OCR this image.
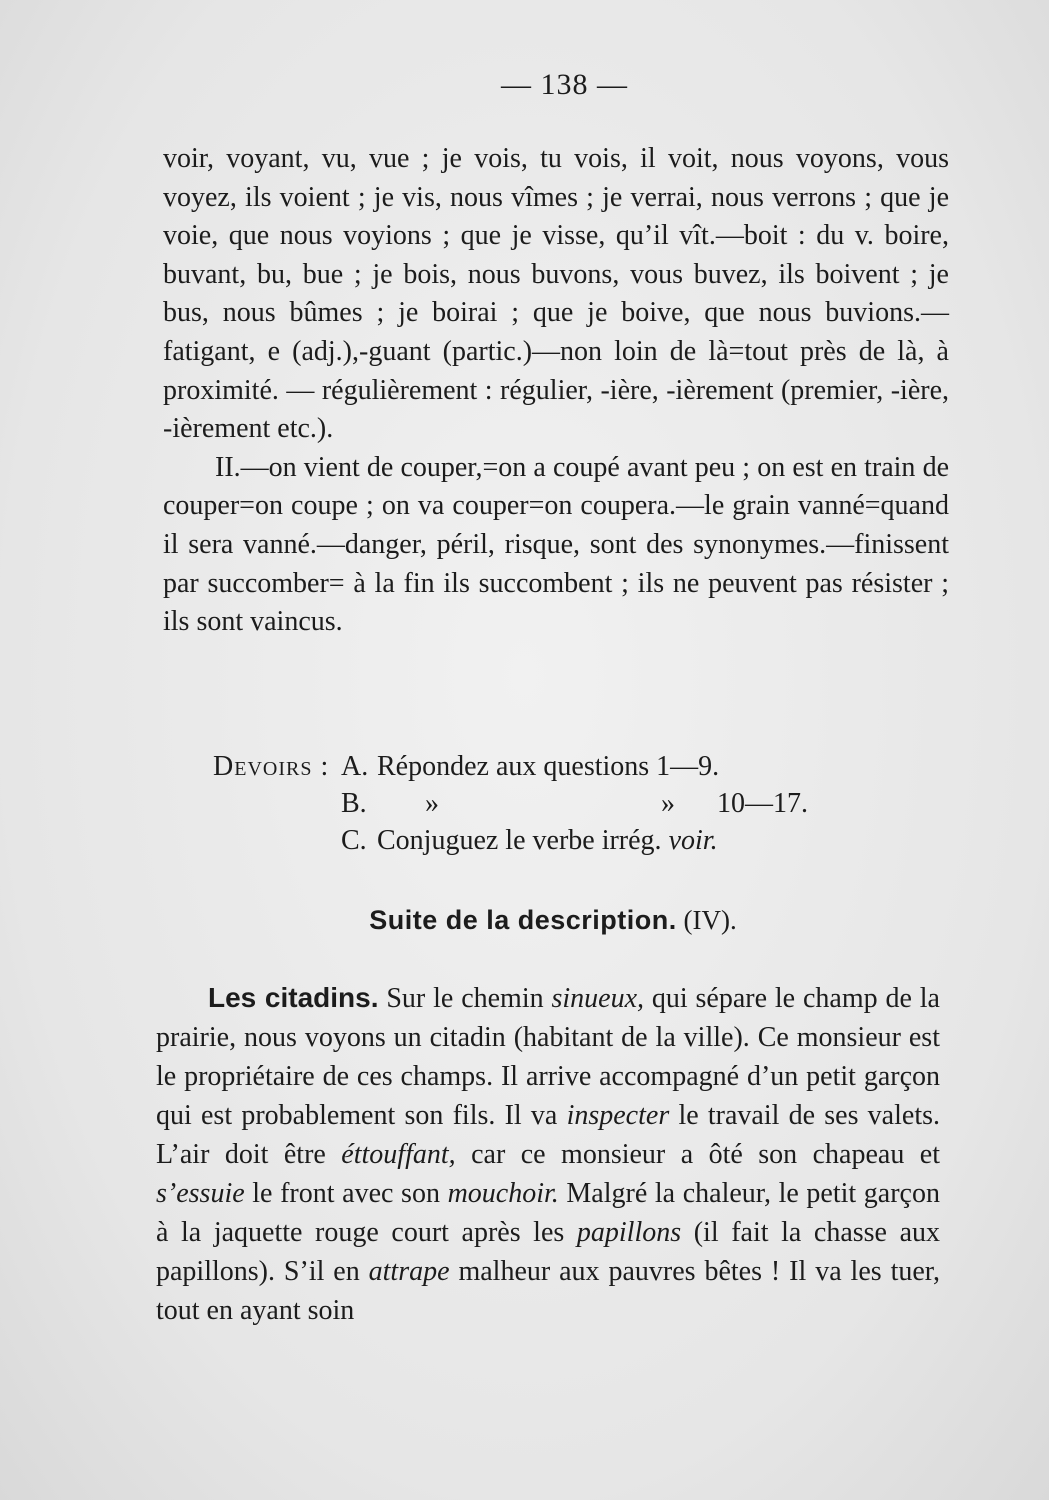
— 138 —

voir, voyant, vu, vue ; je vois, tu vois, il voit, nous voyons, vous voyez, ils voient ; je vis, nous vîmes ; je verrai, nous verrons ; que je voie, que nous voyions ; que je visse, qu’il vît.—boit : du v. boire, buvant, bu, bue ; je bois, nous buvons, vous buvez, ils boivent ; je bus, nous bûmes ; je boirai ; que je boive, que nous buvions.— fatigant, e (adj.),-guant (partic.)—non loin de là=tout près de là, à proximité. — régulièrement : régulier, -ière, -ièrement (premier, -ière, -ièrement etc.).

II.—on vient de couper,=on a coupé avant peu ; on est en train de couper=on coupe ; on va couper=on coupera.—le grain vanné=quand il sera vanné.—danger, péril, risque, sont des synonymes.—finissent par succomber= à la fin ils succombent ; ils ne peuvent pas résister ; ils sont vaincus.

Devoirs : A. Répondez aux questions 1—9.
B.	»	» 10—17.
C. Conjuguez le verbe irrég.
voir.
Suite de la description. (IV).

Les citadins. Sur le chemin sinueux, qui sépare le champ de la prairie, nous voyons un citadin (habitant de la ville). Ce monsieur est le propriétaire de ces champs. Il arrive accompagné d’un petit garçon qui est probablement son fils. Il va inspecter le travail de ses valets. L’air doit être éttouffant, car ce monsieur a ôté son chapeau et s’essuie le front avec son mouchoir. Malgré la chaleur, le petit garçon à la jaquette rouge court après les papillons (il fait la chasse aux papillons). S’il en attrape malheur aux pauvres bêtes ! Il va les tuer, tout en ayant soin
